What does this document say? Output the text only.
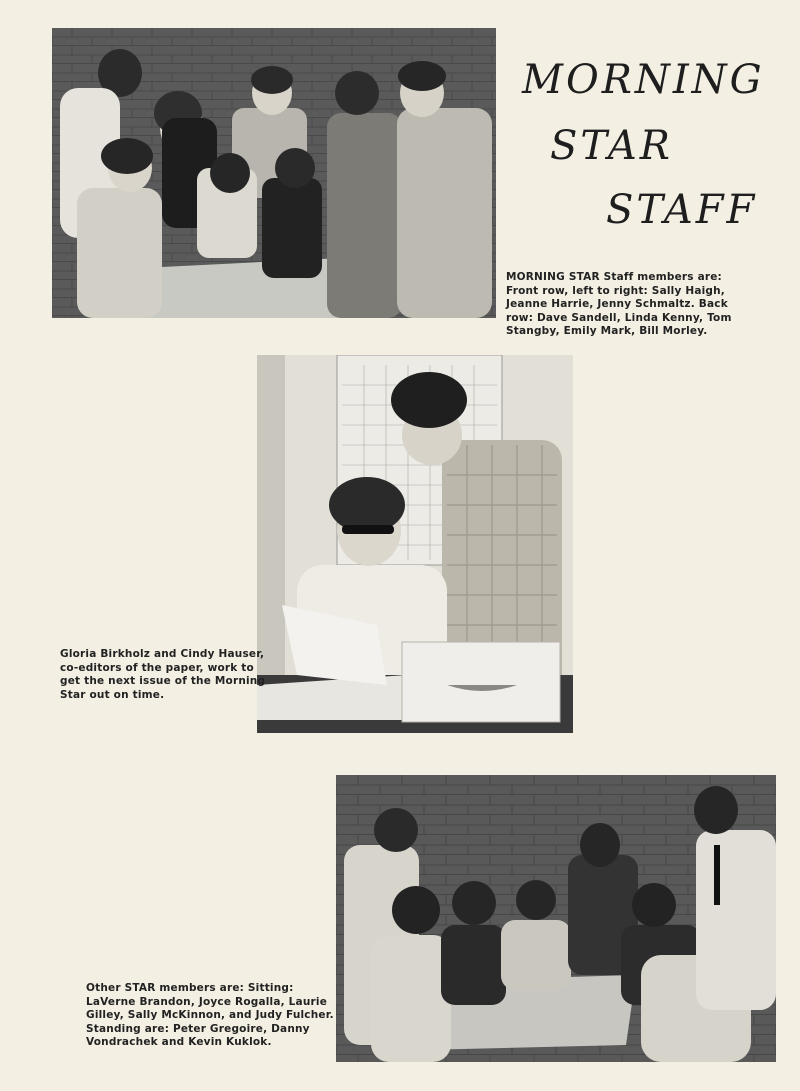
MORNING
STAR
STAFF
MORNING STAR Staff members are: Front row, left to right: Sally Haigh, Jeanne Harrie, Jenny Schmaltz. Back row: Dave Sandell, Linda Kenny, Tom Stangby, Emily Mark, Bill Morley.
Gloria Birkholz and Cindy Hauser, co-editors of the paper, work to get the next issue of the Morning Star out on time.
Other STAR members are: Sitting: LaVerne Brandon, Joyce Rogalla, Laurie Gilley, Sally McKinnon, and Judy Fulcher. Standing are: Peter Gregoire, Danny Vondrachek and Kevin Kuklok.
